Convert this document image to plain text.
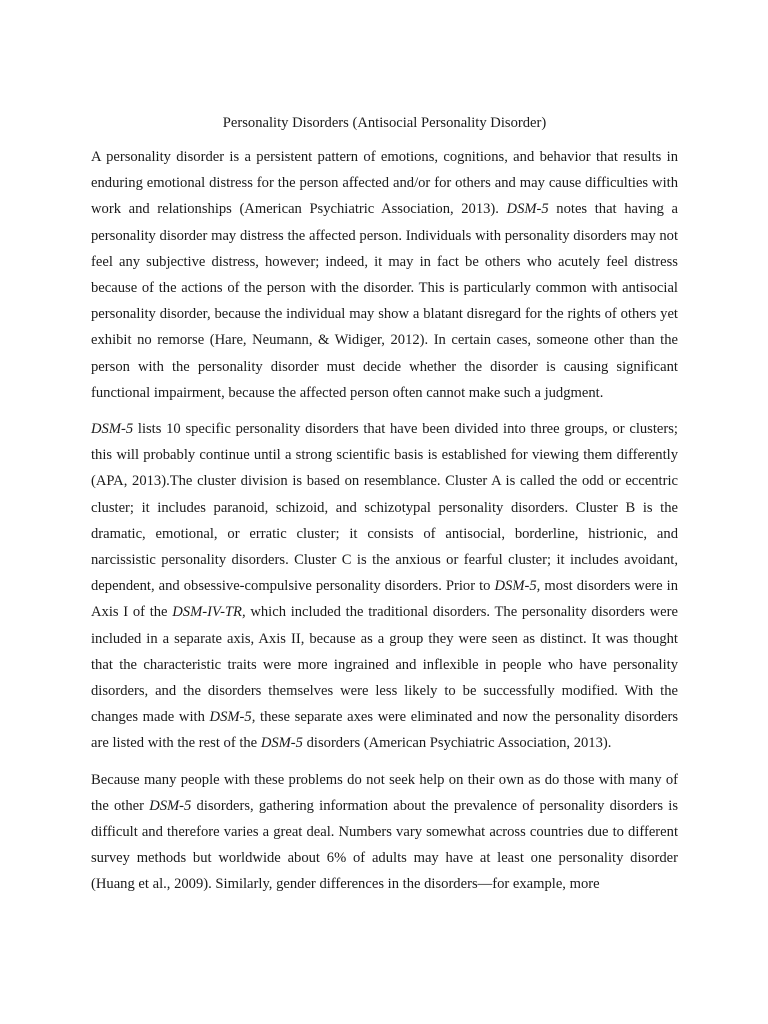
Personality Disorders (Antisocial Personality Disorder)

A personality disorder is a persistent pattern of emotions, cognitions, and behavior that results in enduring emotional distress for the person affected and/or for others and may cause difficulties with work and relationships (American Psychiatric Association, 2013). DSM-5 notes that having a personality disorder may distress the affected person. Individuals with personality disorders may not feel any subjective distress, however; indeed, it may in fact be others who acutely feel distress because of the actions of the person with the disorder. This is particularly common with antisocial personality disorder, because the individual may show a blatant disregard for the rights of others yet exhibit no remorse (Hare, Neumann, & Widiger, 2012). In certain cases, someone other than the person with the personality disorder must decide whether the disorder is causing significant functional impairment, because the affected person often cannot make such a judgment.

DSM-5 lists 10 specific personality disorders that have been divided into three groups, or clusters; this will probably continue until a strong scientific basis is established for viewing them differently (APA, 2013).The cluster division is based on resemblance. Cluster A is called the odd or eccentric cluster; it includes paranoid, schizoid, and schizotypal personality disorders. Cluster B is the dramatic, emotional, or erratic cluster; it consists of antisocial, borderline, histrionic, and narcissistic personality disorders. Cluster C is the anxious or fearful cluster; it includes avoidant, dependent, and obsessive-compulsive personality disorders. Prior to DSM-5, most disorders were in Axis I of the DSM-IV-TR, which included the traditional disorders. The personality disorders were included in a separate axis, Axis II, because as a group they were seen as distinct. It was thought that the characteristic traits were more ingrained and inflexible in people who have personality disorders, and the disorders themselves were less likely to be successfully modified. With the changes made with DSM-5, these separate axes were eliminated and now the personality disorders are listed with the rest of the DSM-5 disorders (American Psychiatric Association, 2013).

Because many people with these problems do not seek help on their own as do those with many of the other DSM-5 disorders, gathering information about the prevalence of personality disorders is difficult and therefore varies a great deal. Numbers vary somewhat across countries due to different survey methods but worldwide about 6% of adults may have at least one personality disorder (Huang et al., 2009). Similarly, gender differences in the disorders—for example, more
